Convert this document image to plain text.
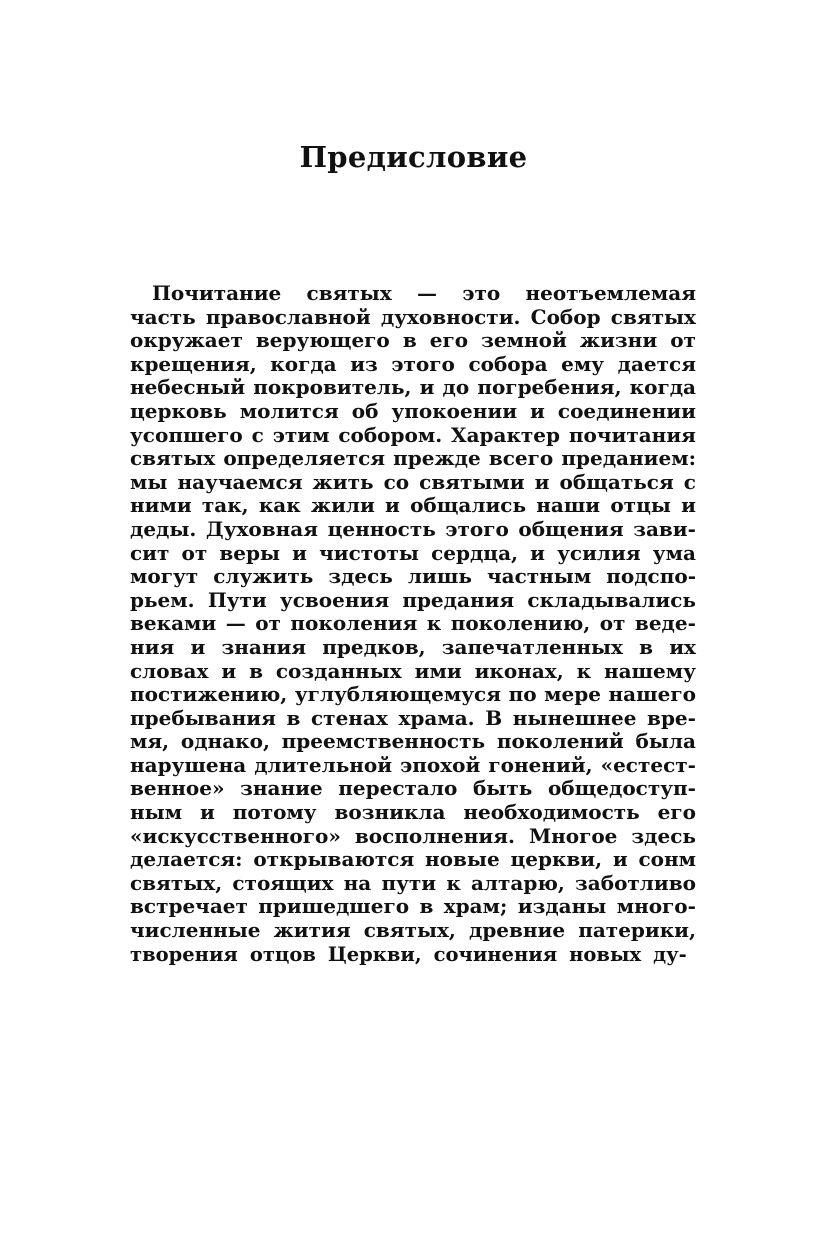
Предисловие
Почитание святых — это неотъемлемая
часть православной духовности. Собор святых
окружает верующего в его земной жизни от
крещения, когда из этого собора ему дается
небесный покровитель, и до погребения, когда
церковь молится об упокоении и соединении
усопшего с этим собором. Характер почитания
святых определяется прежде всего преданием:
мы научаемся жить со святыми и общаться с
ними так, как жили и общались наши отцы и
деды. Духовная ценность этого общения зави-
сит от веры и чистоты сердца, и усилия ума
могут служить здесь лишь частным подспо-
рьем. Пути усвоения предания складывались
веками — от поколения к поколению, от веде-
ния и знания предков, запечатленных в их
словах и в созданных ими иконах, к нашему
постижению, углубляющемуся по мере нашего
пребывания в стенах храма. В нынешнее вре-
мя, однако, преемственность поколений была
нарушена длительной эпохой гонений, «естест-
венное» знание перестало быть общедоступ-
ным и потому возникла необходимость его
«искусственного» восполнения. Многое здесь
делается: открываются новые церкви, и сонм
святых, стоящих на пути к алтарю, заботливо
встречает пришедшего в храм; изданы много-
численные жития святых, древние патерики,
творения отцов Церкви, сочинения новых ду-
